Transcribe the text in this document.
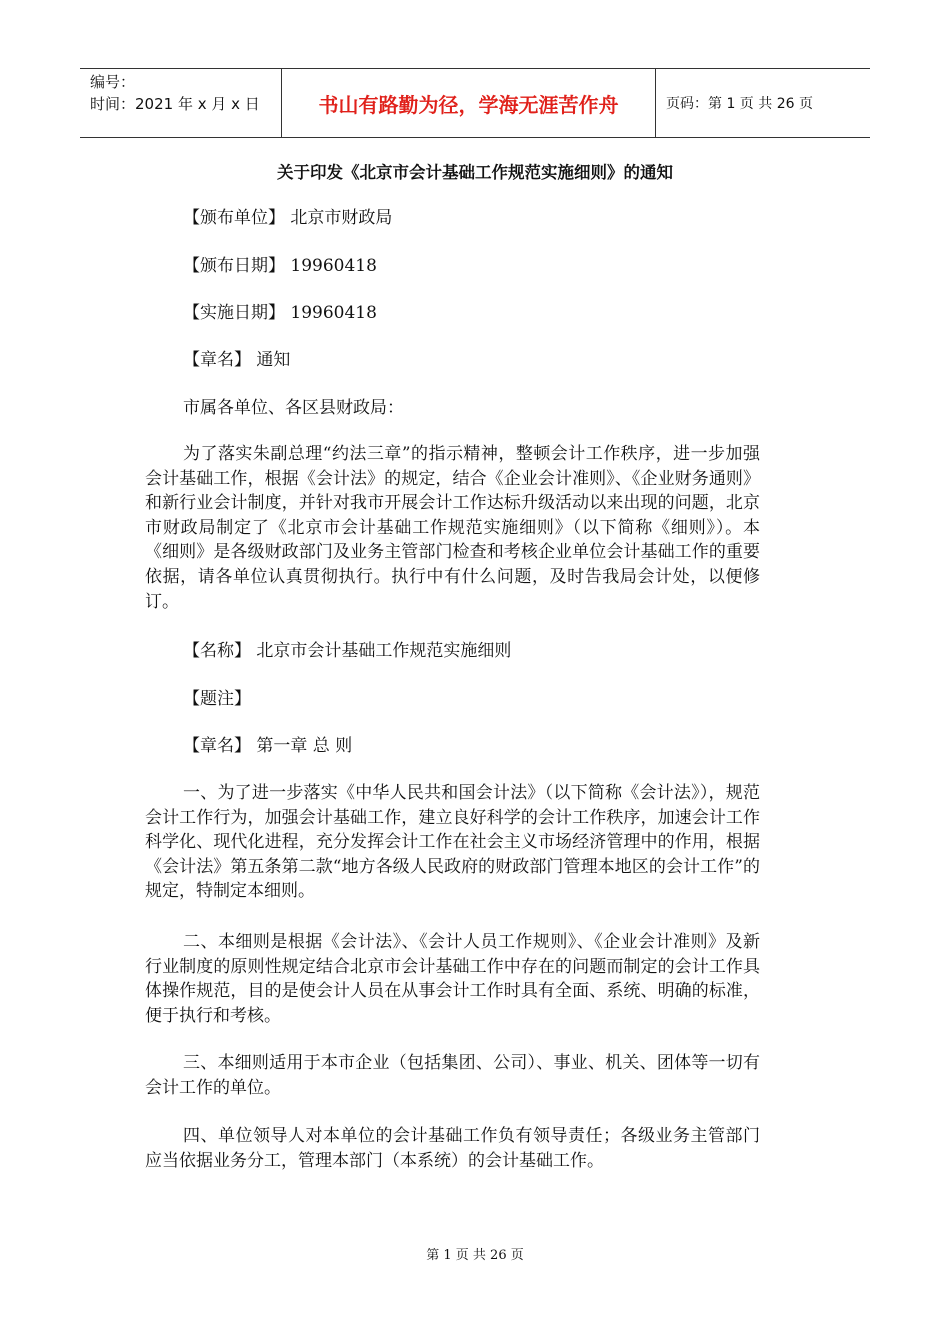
编号：
时间：2021 年 x 月 x 日	书山有路勤为径，学海无涯苦作舟	页码：第 1 页 共 26 页
关于印发《北京市会计基础工作规范实施细则》的通知
【颁布单位】 北京市财政局
【颁布日期】 19960418
【实施日期】 19960418
【章名】 通知
市属各单位、各区县财政局：
为了落实朱副总理“约法三章”的指示精神，整顿会计工作秩序，进一步加强会计基础工作，根据《会计法》的规定，结合《企业会计准则》、《企业财务通则》和新行业会计制度，并针对我市开展会计工作达标升级活动以来出现的问题，北京市财政局制定了《北京市会计基础工作规范实施细则》（以下简称《细则》）。本《细则》是各级财政部门及业务主管部门检查和考核企业单位会计基础工作的重要依据，请各单位认真贯彻执行。执行中有什么问题，及时告我局会计处，以便修订。
【名称】 北京市会计基础工作规范实施细则
【题注】
【章名】 第一章 总 则
一、为了进一步落实《中华人民共和国会计法》（以下简称《会计法》），规范会计工作行为，加强会计基础工作，建立良好科学的会计工作秩序，加速会计工作科学化、现代化进程，充分发挥会计工作在社会主义市场经济管理中的作用，根据《会计法》第五条第二款“地方各级人民政府的财政部门管理本地区的会计工作”的规定，特制定本细则。
二、本细则是根据《会计法》、《会计人员工作规则》、《企业会计准则》及新行业制度的原则性规定结合北京市会计基础工作中存在的问题而制定的会计工作具体操作规范，目的是使会计人员在从事会计工作时具有全面、系统、明确的标准，便于执行和考核。
三、本细则适用于本市企业（包括集团、公司）、事业、机关、团体等一切有会计工作的单位。
四、单位领导人对本单位的会计基础工作负有领导责任；各级业务主管部门应当依据业务分工，管理本部门（本系统）的会计基础工作。
第 1 页 共 26 页
